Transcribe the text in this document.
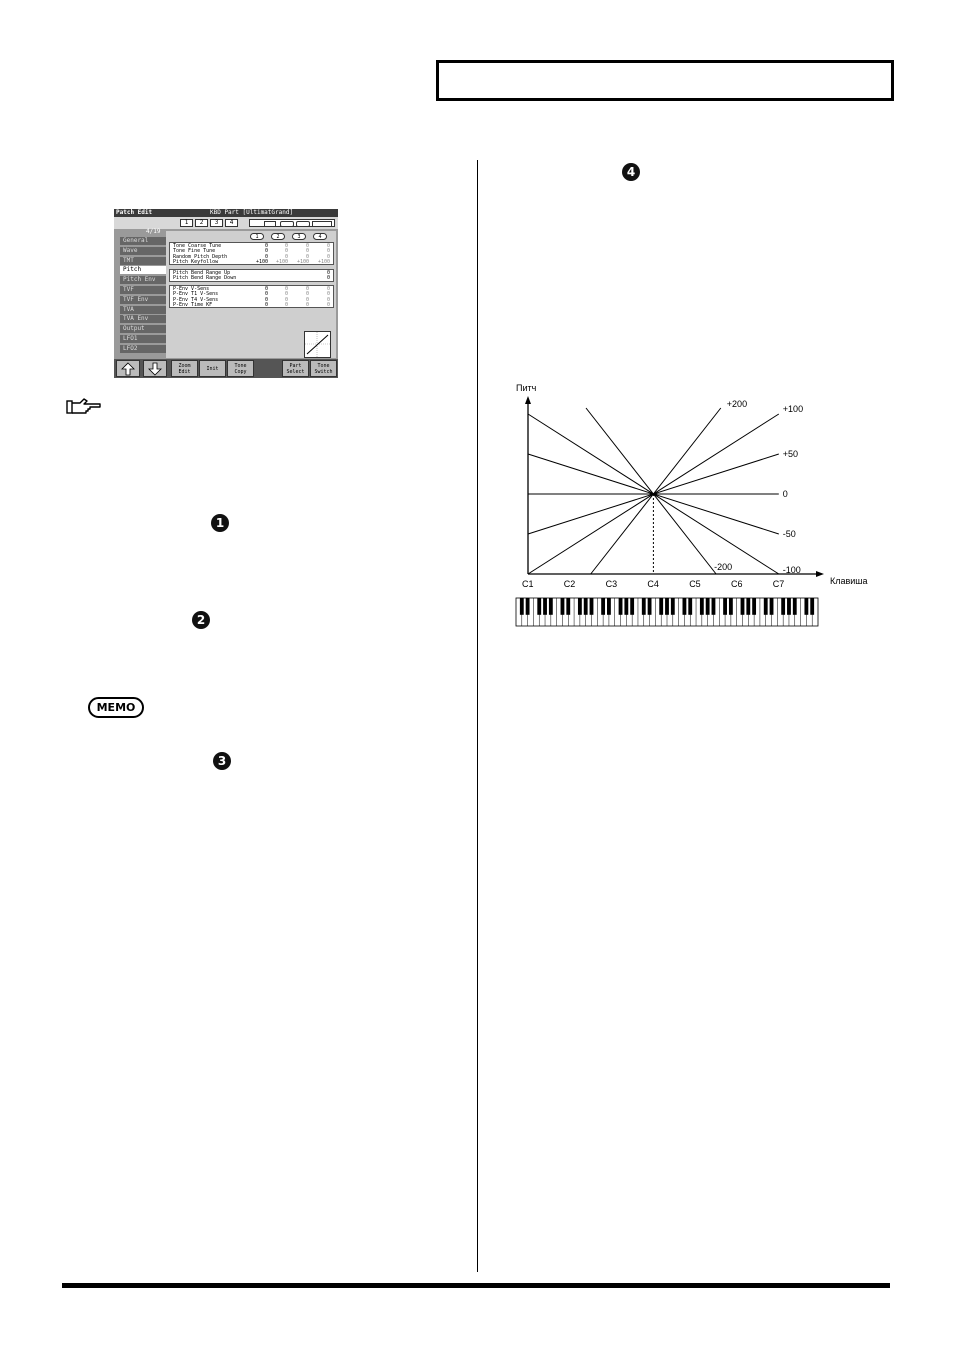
Patch Edit	KBD Part [UltimatGrand]
1	2	3	4
4/19
General
Wave
TMT
Pitch
Pitch Env
TVF
TVF Env
TVA
TVA Env
Output
LFO1
LFO2
1	2	3	4
Tone Coarse Tune	0	0	0	0
Tone Fine Tune	0	0	0	0
Random Pitch Depth	0	0	0	0
Pitch Keyfollow	+100	+100	+100	+100
Pitch Bend Range Up	0
Pitch Bend Range Down	0
P-Env V-Sens	0	0	0	0
P-Env T1 V-Sens	0	0	0	0
P-Env T4 V-Sens	0	0	0	0
P-Env Time KF	0	0	0	0
Zoom Edit	Init	Tone Copy
Part Select
Tone Switch
1
2
3
4
MEMO
+200	+100
+50
0
-50
-100
-200
C1	C2	C3	C4	C5	C6	C7
Питч
Клавиша
